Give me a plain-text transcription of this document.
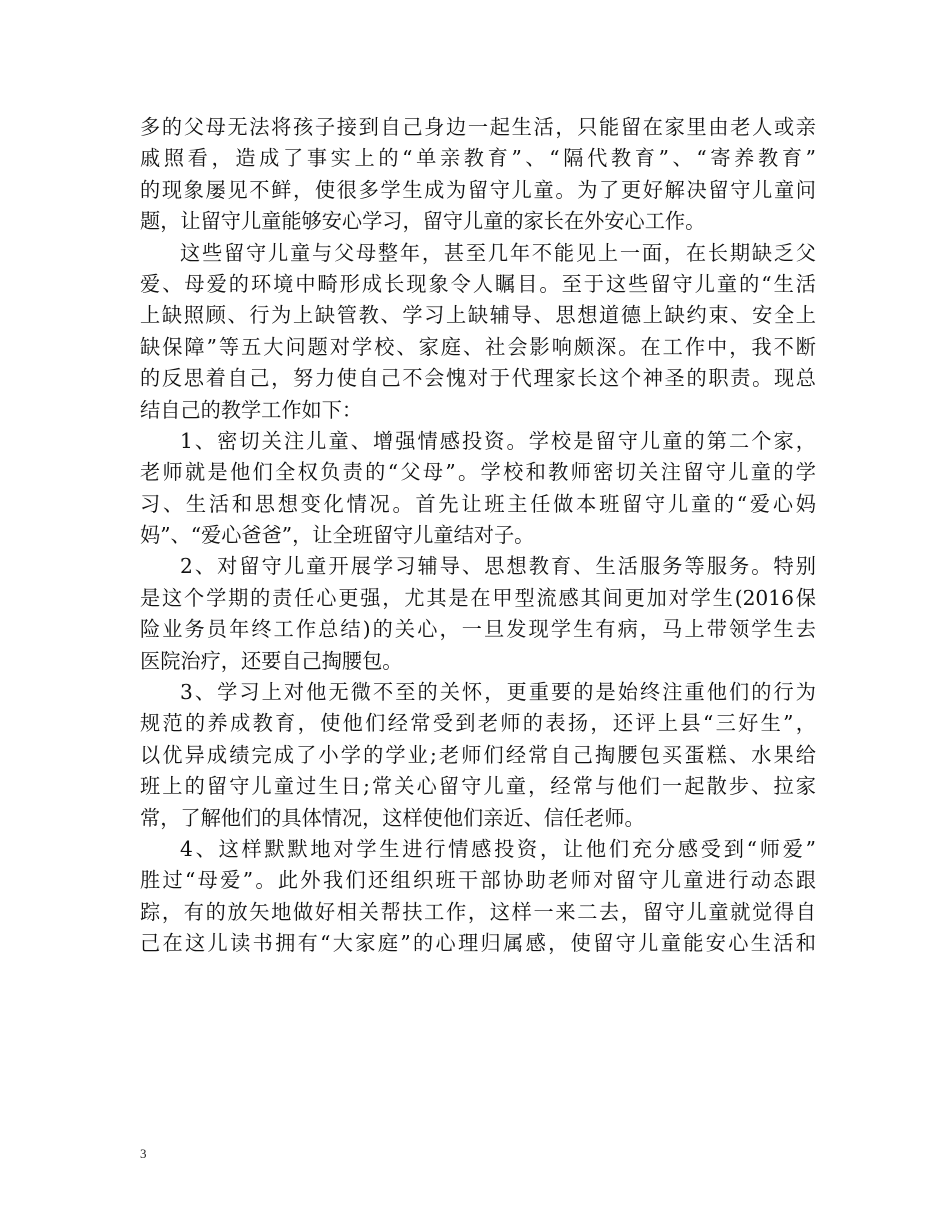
多的父母无法将孩子接到自己身边一起生活，只能留在家里由老人或亲
戚照看，造成了事实上的“单亲教育”、“隔代教育”、“寄养教育”
的现象屡见不鲜，使很多学生成为留守儿童。为了更好解决留守儿童问
题，让留守儿童能够安心学习，留守儿童的家长在外安心工作。
这些留守儿童与父母整年，甚至几年不能见上一面，在长期缺乏父
爱、母爱的环境中畸形成长现象令人瞩目。至于这些留守儿童的“生活
上缺照顾、行为上缺管教、学习上缺辅导、思想道德上缺约束、安全上
缺保障”等五大问题对学校、家庭、社会影响颇深。在工作中，我不断
的反思着自己，努力使自己不会愧对于代理家长这个神圣的职责。现总
结自己的教学工作如下：
1、密切关注儿童、增强情感投资。学校是留守儿童的第二个家，
老师就是他们全权负责的“父母”。学校和教师密切关注留守儿童的学
习、生活和思想变化情况。首先让班主任做本班留守儿童的“爱心妈
妈”、“爱心爸爸”，让全班留守儿童结对子。
2、对留守儿童开展学习辅导、思想教育、生活服务等服务。特别
是这个学期的责任心更强，尤其是在甲型流感其间更加对学生(2016保
险业务员年终工作总结)的关心，一旦发现学生有病，马上带领学生去
医院治疗，还要自己掏腰包。
3、学习上对他无微不至的关怀，更重要的是始终注重他们的行为
规范的养成教育，使他们经常受到老师的表扬，还评上县“三好生”，
以优异成绩完成了小学的学业;老师们经常自己掏腰包买蛋糕、水果给
班上的留守儿童过生日;常关心留守儿童，经常与他们一起散步、拉家
常，了解他们的具体情况，这样使他们亲近、信任老师。
4、这样默默地对学生进行情感投资，让他们充分感受到“师爱”
胜过“母爱”。此外我们还组织班干部协助老师对留守儿童进行动态跟
踪，有的放矢地做好相关帮扶工作，这样一来二去，留守儿童就觉得自
己在这儿读书拥有“大家庭”的心理归属感，使留守儿童能安心生活和
3
